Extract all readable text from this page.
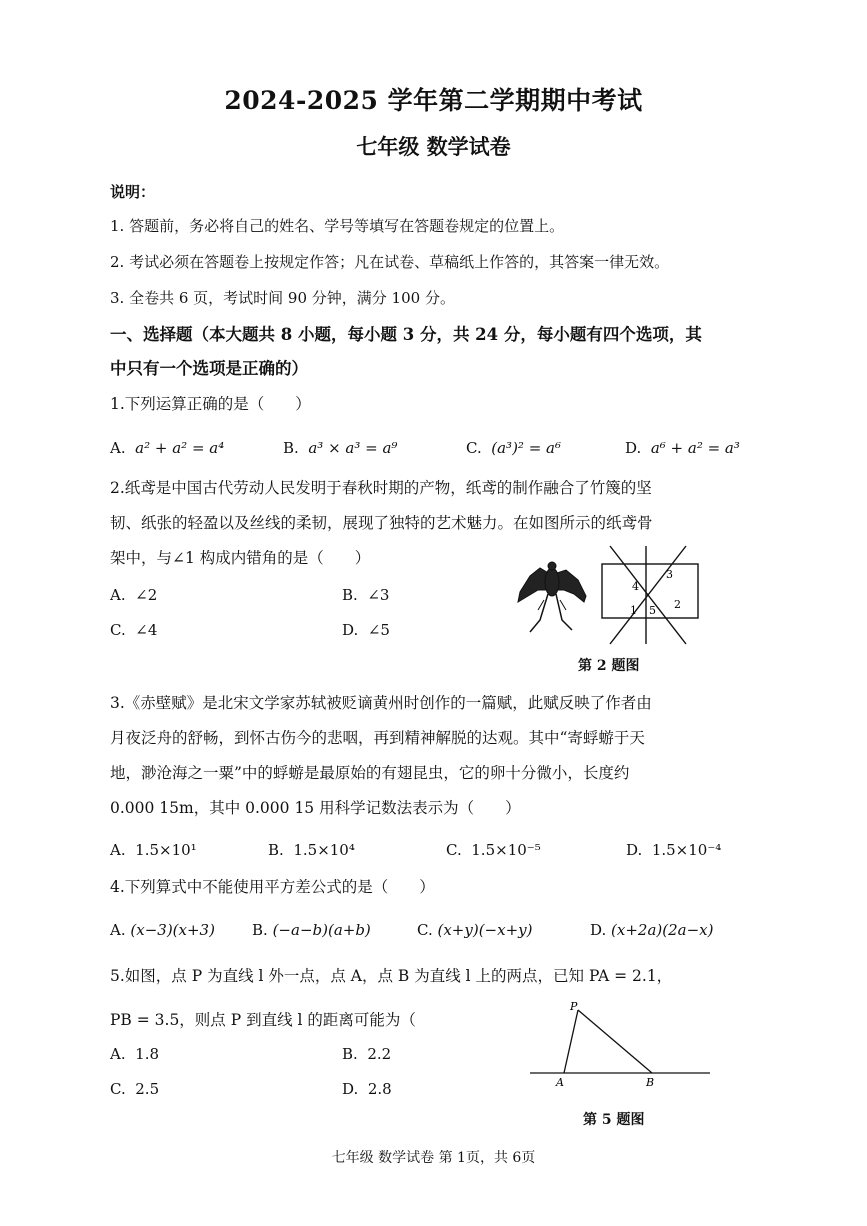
2024-2025 学年第二学期期中考试
七年级 数学试卷
说明：
1. 答题前，务必将自己的姓名、学号等填写在答题卷规定的位置上。
2. 考试必须在答题卷上按规定作答；凡在试卷、草稿纸上作答的，其答案一律无效。
3. 全卷共 6 页，考试时间 90 分钟，满分 100 分。
一、选择题（本大题共 8 小题，每小题 3 分，共 24 分，每小题有四个选项，其
中只有一个选项是正确的）
1.下列运算正确的是（　　）
A. a² + a² = a⁴	B. a³ × a³ = a⁹	C. (a³)² = a⁶	D. a⁶ + a² = a³
2.纸鸢是中国古代劳动人民发明于春秋时期的产物，纸鸢的制作融合了竹篾的坚
韧、纸张的轻盈以及丝线的柔韧，展现了独特的艺术魅力。在如图所示的纸鸢骨
架中，与∠1 构成内错角的是（　　）
A. ∠2	B. ∠3
C. ∠4	D. ∠5
1	2
3
4
5
第 2 题图
3.《赤壁赋》是北宋文学家苏轼被贬谪黄州时创作的一篇赋，此赋反映了作者由
月夜泛舟的舒畅，到怀古伤今的悲咽，再到精神解脱的达观。其中“寄蜉蝣于天
地，渺沧海之一粟”中的蜉蝣是最原始的有翅昆虫，它的卵十分微小，长度约
0.000 15m，其中 0.000 15 用科学记数法表示为（　　）
A. 1.5×10¹	B. 1.5×10⁴	C. 1.5×10⁻⁵	D. 1.5×10⁻⁴
4.下列算式中不能使用平方差公式的是（　　）
A. (x−3)(x+3) B. (−a−b)(a+b)	C. (x+y)(−x+y)	D. (x+2a)(2a−x)
5.如图，点 P 为直线 l 外一点，点 A，点 B 为直线 l 上的两点，已知 PA = 2.1，
PB = 3.5，则点 P 到直线 l 的距离可能为（
A. 1.8	B. 2.2
C. 2.5	D. 2.8
P
A	B
第 5 题图
七年级 数学试卷 第 1页，共 6页
